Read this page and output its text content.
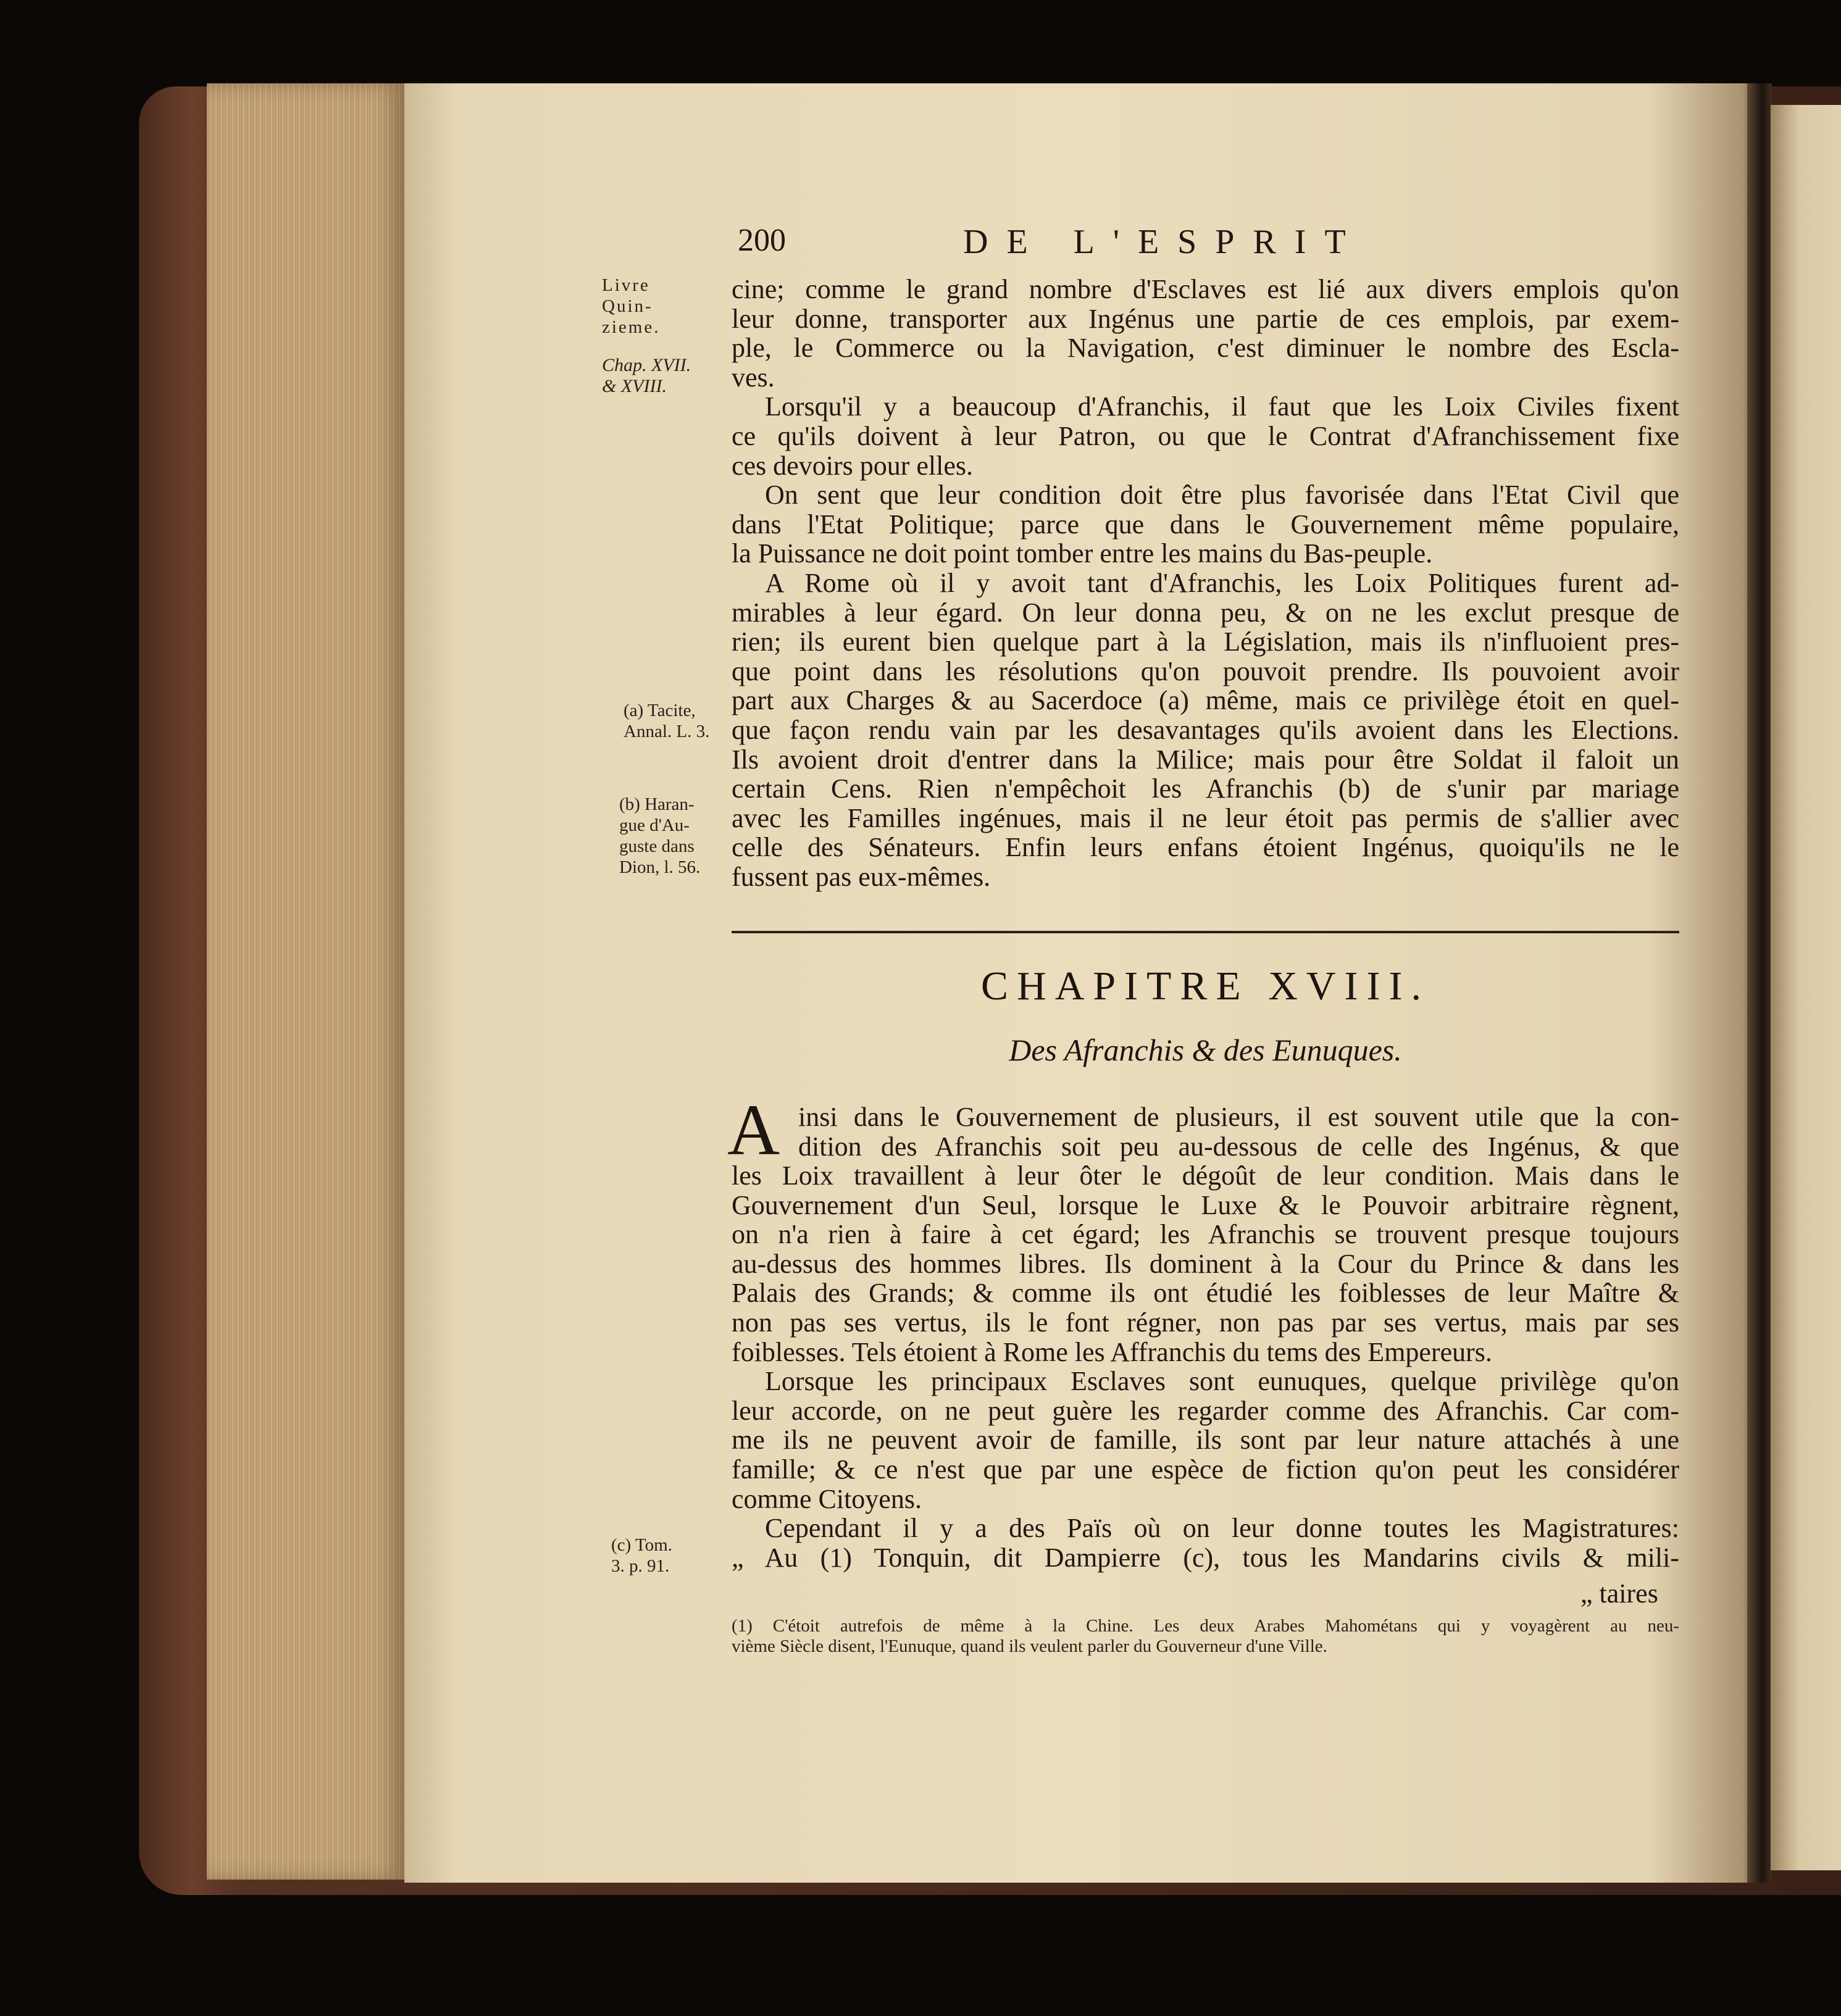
200	DE L'ESPRIT
Livre
Quin-
zieme.
Chap. XVII.
& XVIII.
(a) Tacite,
Annal. L. 3.
(b) Haran-
gue d'Au-
guste dans
Dion, l. 56.
(c) Tom.
3. p. 91.
cine; comme le grand nombre d'Esclaves est lié aux divers emplois qu'on
leur donne, transporter aux Ingénus une partie de ces emplois, par exem-
ple, le Commerce ou la Navigation, c'est diminuer le nombre des Escla-
ves.
Lorsqu'il y a beaucoup d'Afranchis, il faut que les Loix Civiles fixent
ce qu'ils doivent à leur Patron, ou que le Contrat d'Afranchissement fixe
ces devoirs pour elles.
On sent que leur condition doit être plus favorisée dans l'Etat Civil que
dans l'Etat Politique; parce que dans le Gouvernement même populaire,
la Puissance ne doit point tomber entre les mains du Bas-peuple.
A Rome où il y avoit tant d'Afranchis, les Loix Politiques furent ad-
mirables à leur égard. On leur donna peu, & on ne les exclut presque de
rien; ils eurent bien quelque part à la Législation, mais ils n'influoient pres-
que point dans les résolutions qu'on pouvoit prendre. Ils pouvoient avoir
part aux Charges & au Sacerdoce (a) même, mais ce privilège étoit en quel-
que façon rendu vain par les desavantages qu'ils avoient dans les Elections.
Ils avoient droit d'entrer dans la Milice; mais pour être Soldat il faloit un
certain Cens. Rien n'empêchoit les Afranchis (b) de s'unir par mariage
avec les Familles ingénues, mais il ne leur étoit pas permis de s'allier avec
celle des Sénateurs. Enfin leurs enfans étoient Ingénus, quoiqu'ils ne le
fussent pas eux-mêmes.
CHAPITRE XVIII.
Des Afranchis & des Eunuques.
A insi dans le Gouvernement de plusieurs, il est souvent utile que la con-
dition des Afranchis soit peu au-dessous de celle des Ingénus, & que
les Loix travaillent à leur ôter le dégoût de leur condition. Mais dans le
Gouvernement d'un Seul, lorsque le Luxe & le Pouvoir arbitraire règnent,
on n'a rien à faire à cet égard; les Afranchis se trouvent presque toujours
au-dessus des hommes libres. Ils dominent à la Cour du Prince & dans les
Palais des Grands; & comme ils ont étudié les foiblesses de leur Maître &
non pas ses vertus, ils le font régner, non pas par ses vertus, mais par ses
foiblesses. Tels étoient à Rome les Affranchis du tems des Empereurs.
Lorsque les principaux Esclaves sont eunuques, quelque privilège qu'on
leur accorde, on ne peut guère les regarder comme des Afranchis. Car com-
me ils ne peuvent avoir de famille, ils sont par leur nature attachés à une
famille; & ce n'est que par une espèce de fiction qu'on peut les considérer
comme Citoyens.
Cependant il y a des Païs où on leur donne toutes les Magistratures:
„ Au (1) Tonquin, dit Dampierre (c), tous les Mandarins civils & mili-
„ taires
(1) C'étoit autrefois de même à la Chine. Les deux Arabes Mahométans qui y voyagèrent au neu-
vième Siècle disent, l'Eunuque, quand ils veulent parler du Gouverneur d'une Ville.
